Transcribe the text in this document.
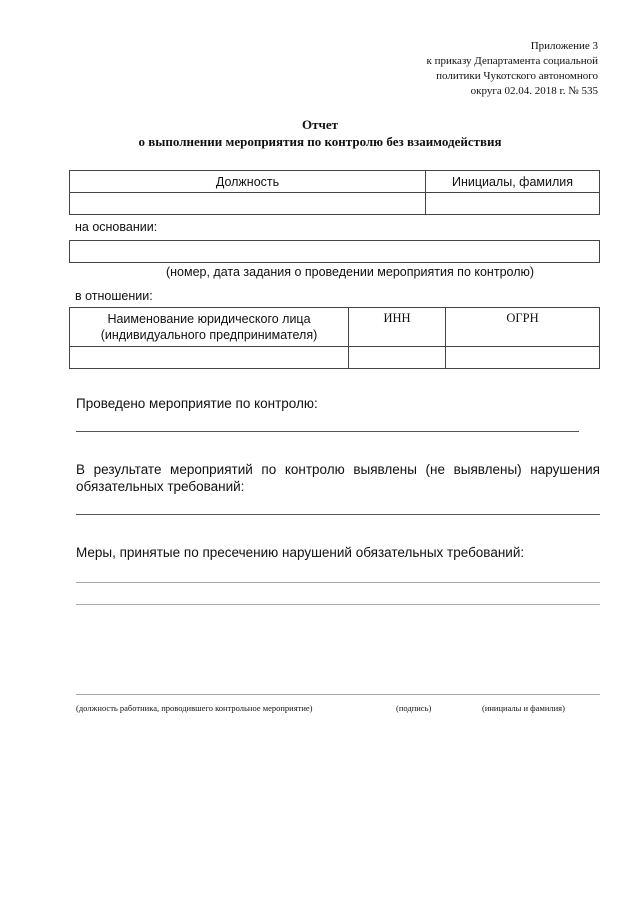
Приложение 3
к приказу Департамента социальной
политики Чукотского автономного
округа 02.04. 2018 г. № 535
Отчет
о выполнении мероприятия по контролю без взаимодействия
Должность	Инициалы, фамилия

на основании:
(номер, дата задания о проведении мероприятия по контролю)
в отношении:
Наименование юридического лица
(индивидуального предпринимателя)	ИНН	ОГРН

Проведено мероприятие по контролю:
В результате мероприятий по контролю выявлены (не выявлены) нарушения
обязательных требований:
Меры, принятые по пресечению нарушений обязательных требований:
(должность работника, проводившего контрольное мероприятие)	(подпись)	(инициалы и фамилия)
